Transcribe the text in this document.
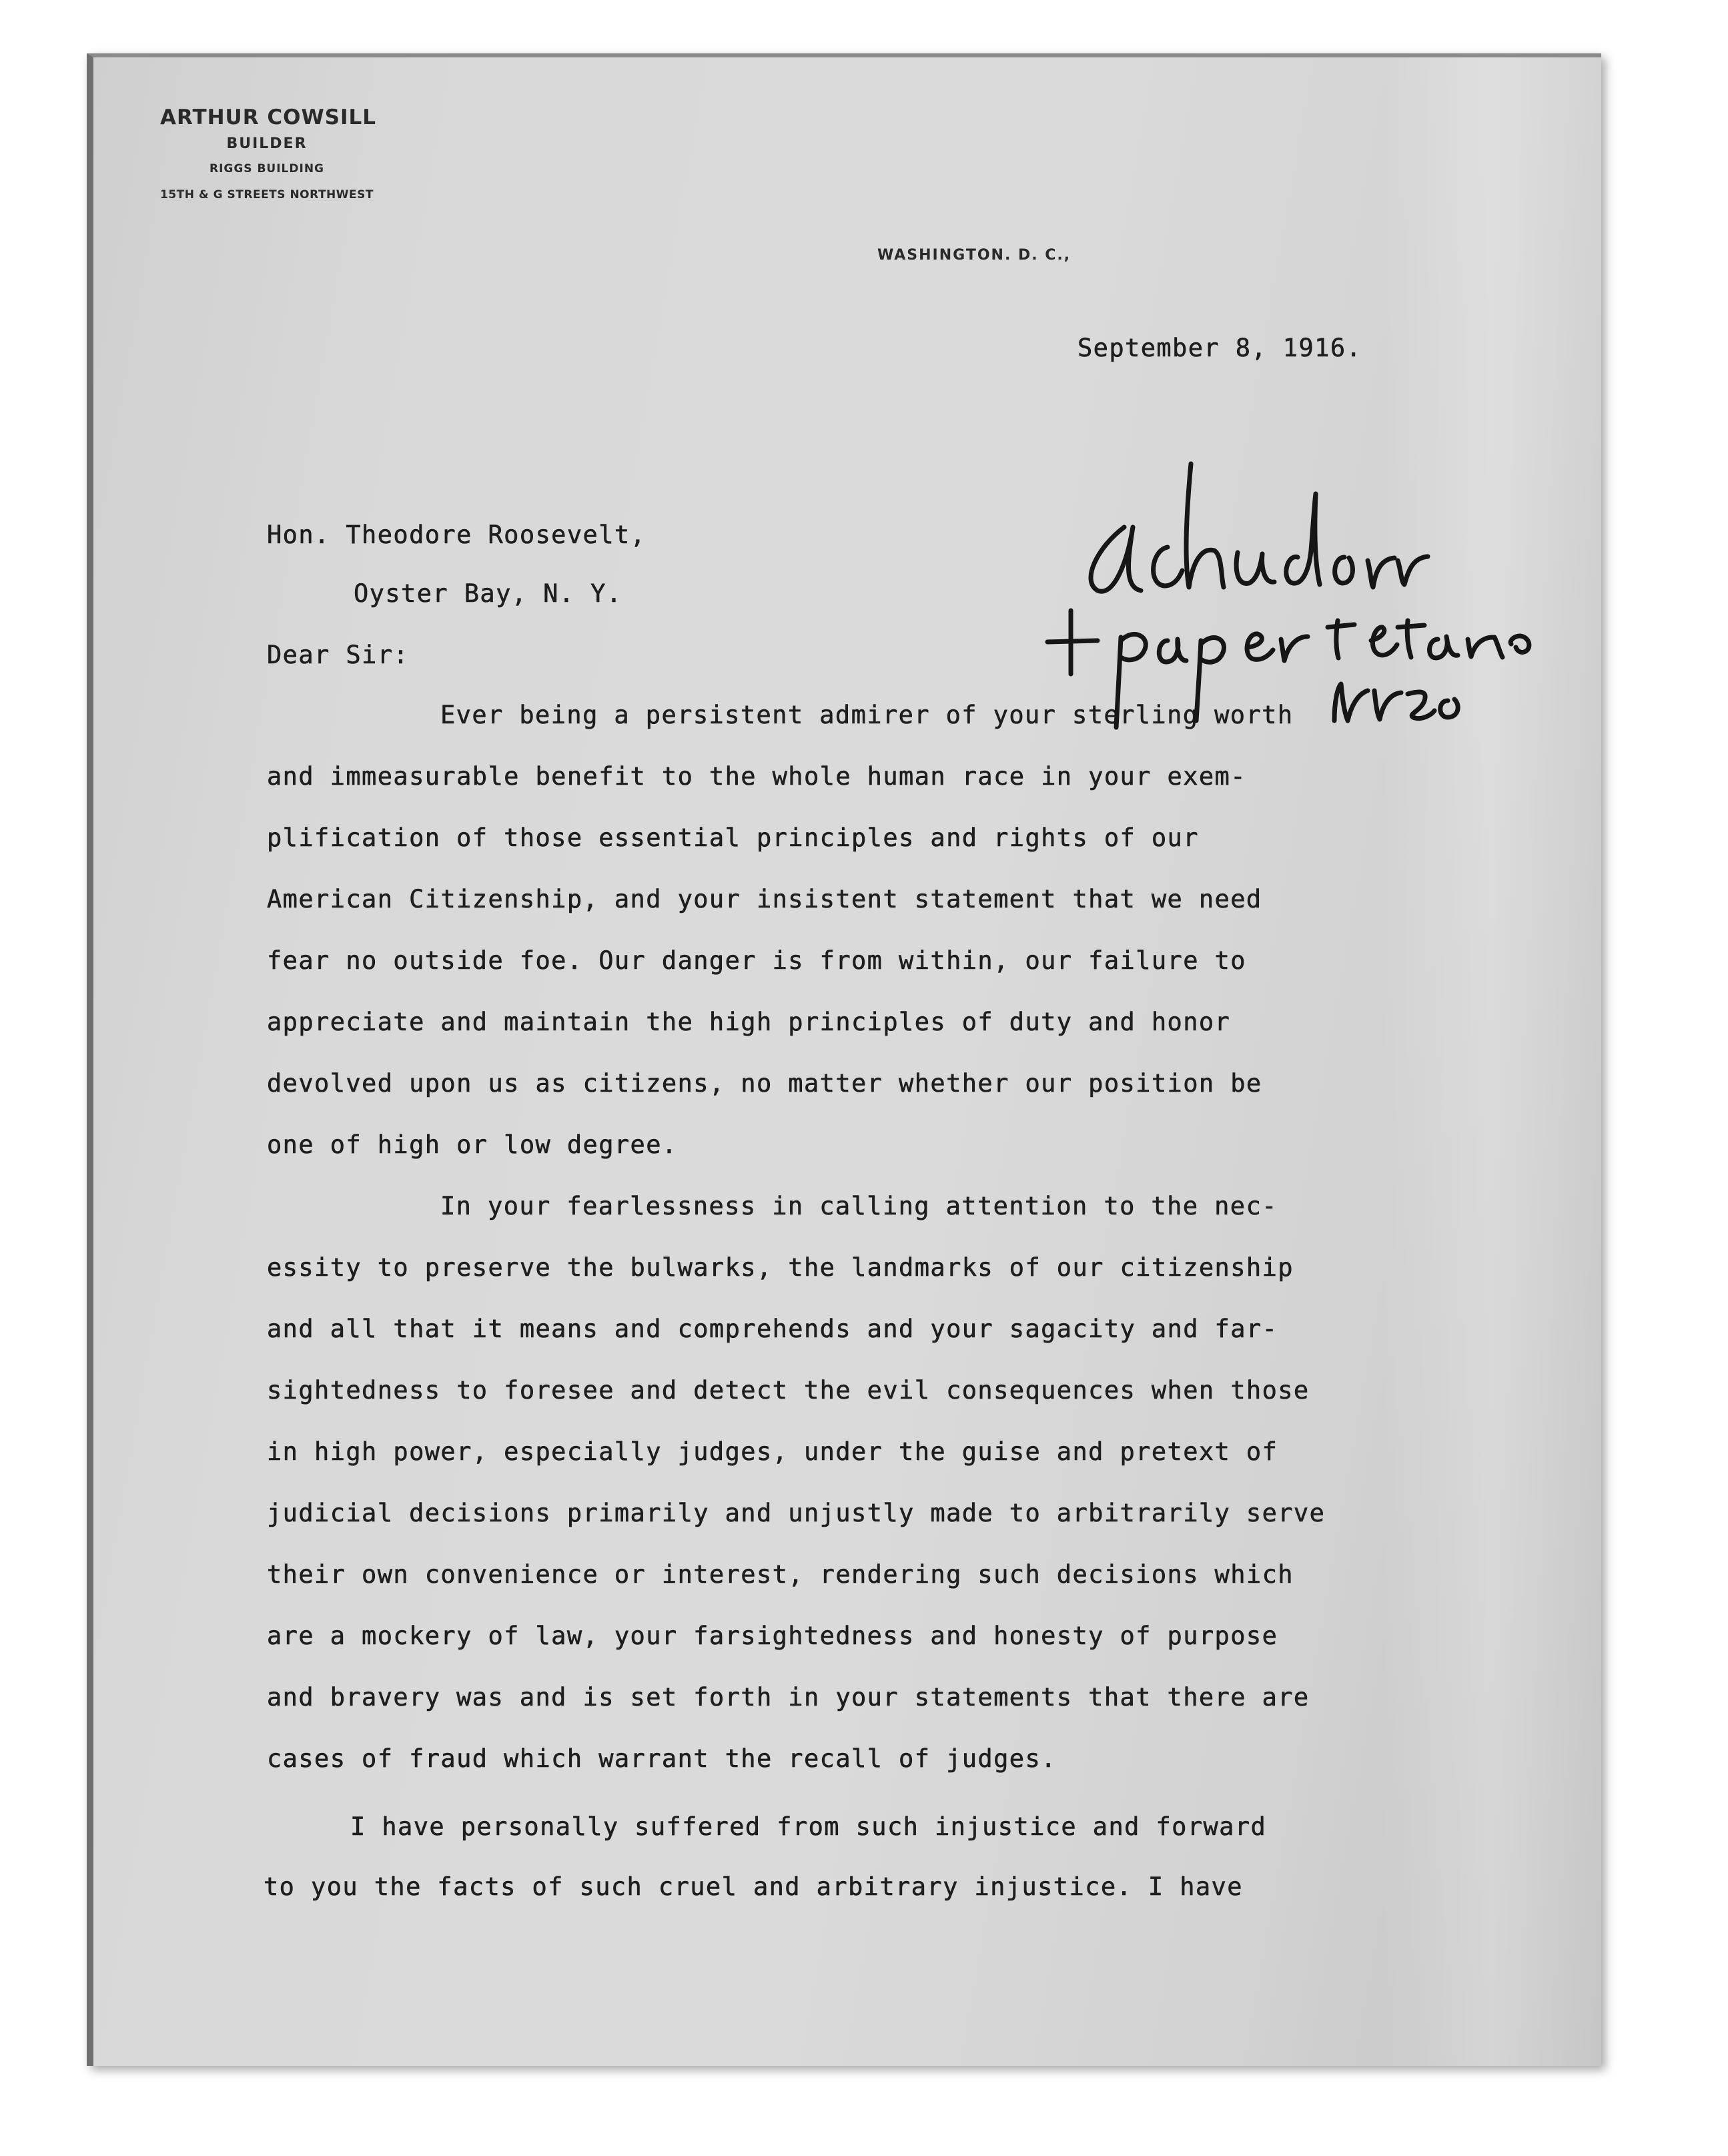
ARTHUR COWSILL
BUILDER
RIGGS BUILDING
15TH & G STREETS NORTHWEST
WASHINGTON. D. C.,
September 8, 1916.
Hon. Theodore Roosevelt,
Oyster Bay, N. Y.
Dear Sir:
Ever being a persistent admirer of your sterling worth
and immeasurable benefit to the whole human race in your exem-
plification of those essential principles and rights of our
American Citizenship, and your insistent statement that we need
fear no outside foe. Our danger is from within, our failure to
appreciate and maintain the high principles of duty and honor
devolved upon us as citizens, no matter whether our position be
one of high or low degree.
In your fearlessness in calling attention to the nec-
essity to preserve the bulwarks, the landmarks of our citizenship
and all that it means and comprehends and your sagacity and far-
sightedness to foresee and detect the evil consequences when those
in high power, especially judges, under the guise and pretext of
judicial decisions primarily and unjustly made to arbitrarily serve
their own convenience or interest, rendering such decisions which
are a mockery of law, your farsightedness and honesty of purpose
and bravery was and is set forth in your statements that there are
cases of fraud which warrant the recall of judges.
I have personally suffered from such injustice and forward
to you the facts of such cruel and arbitrary injustice. I have
